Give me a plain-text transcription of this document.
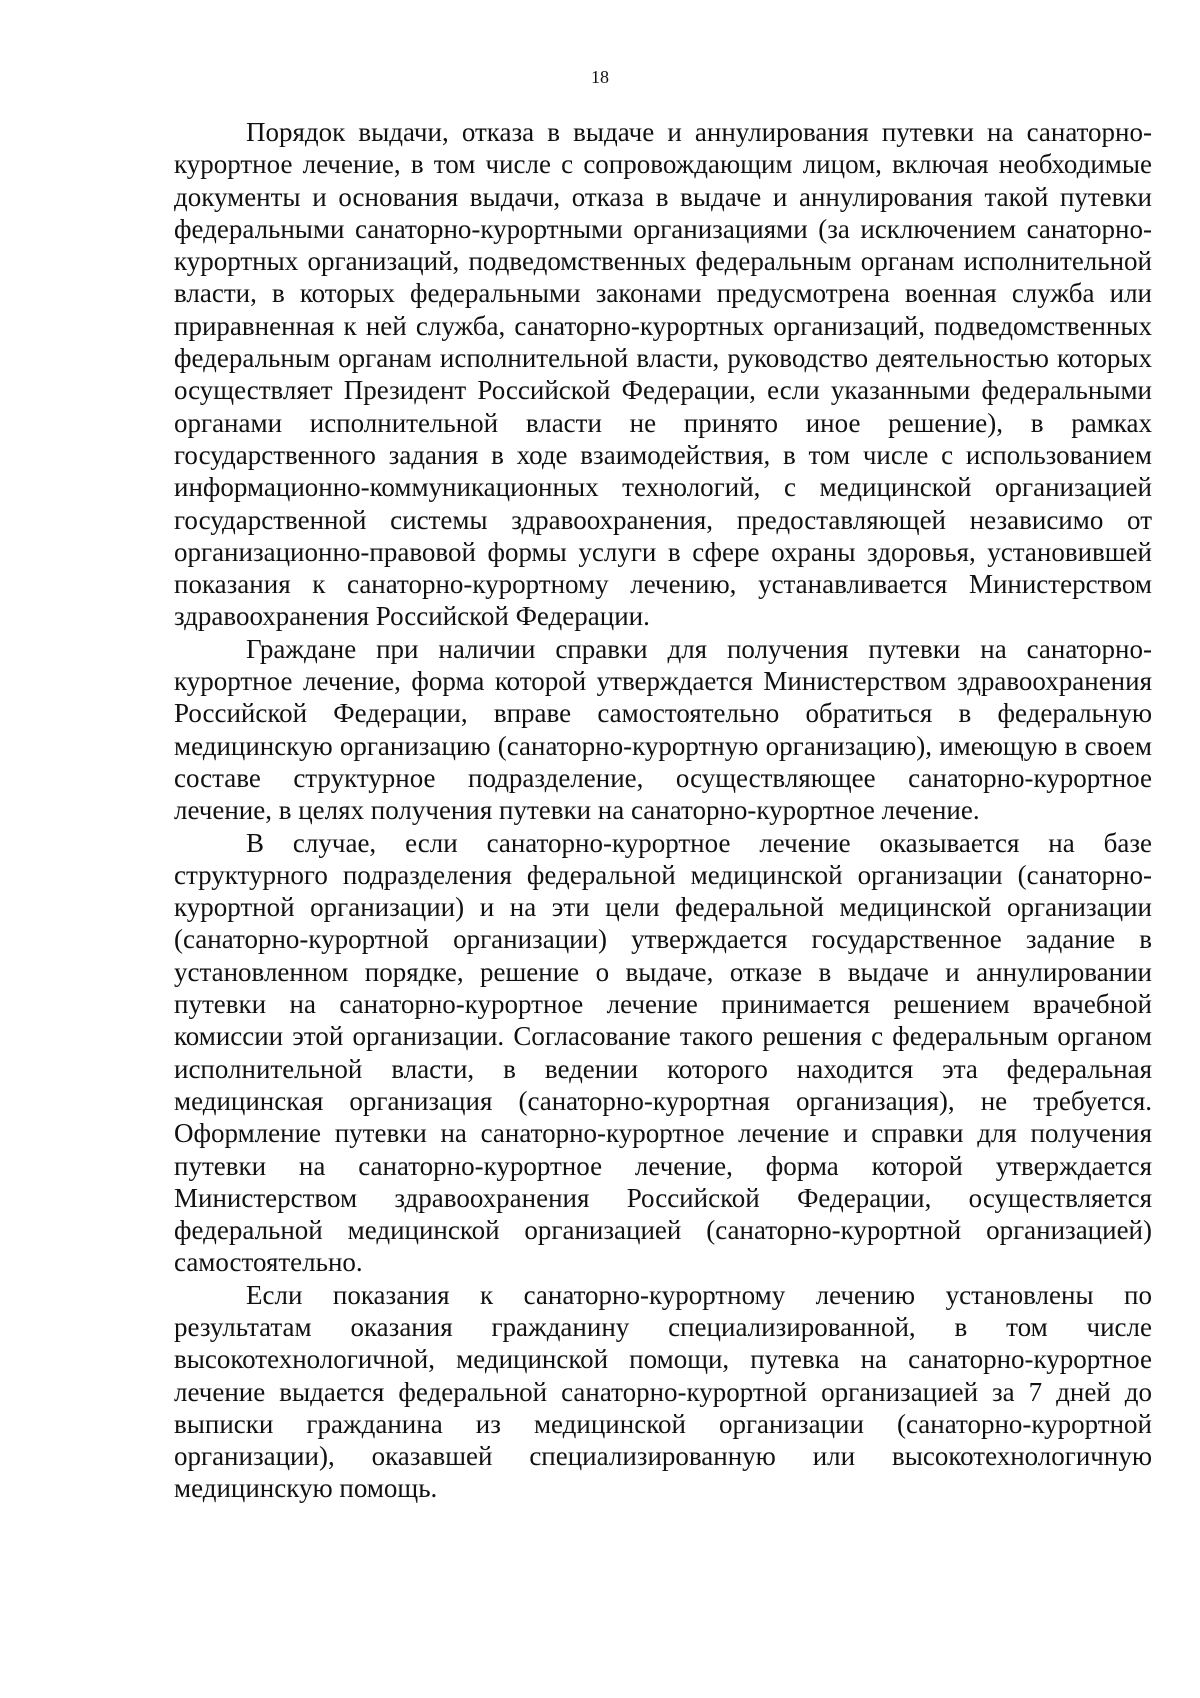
18

Порядок выдачи, отказа в выдаче и аннулирования путевки на санаторно-курортное лечение, в том числе с сопровождающим лицом, включая необходимые документы и основания выдачи, отказа в выдаче и аннулирования такой путевки федеральными санаторно-курортными организациями (за исключением санаторно-курортных организаций, подведомственных федеральным органам исполнительной власти, в которых федеральными законами предусмотрена военная служба или приравненная к ней служба, санаторно-курортных организаций, подведомственных федеральным органам исполнительной власти, руководство деятельностью которых осуществляет Президент Российской Федерации, если указанными федеральными органами исполнительной власти не принято иное решение), в рамках государственного задания в ходе взаимодействия, в том числе с использованием информационно-коммуникационных технологий, с медицинской организацией государственной системы здравоохранения, предоставляющей независимо от организационно-правовой формы услуги в сфере охраны здоровья, установившей показания к санаторно-курортному лечению, устанавливается Министерством здравоохранения Российской Федерации.

Граждане при наличии справки для получения путевки на санаторно-курортное лечение, форма которой утверждается Министерством здравоохранения Российской Федерации, вправе самостоятельно обратиться в федеральную медицинскую организацию (санаторно-курортную организацию), имеющую в своем составе структурное подразделение, осуществляющее санаторно-курортное лечение, в целях получения путевки на санаторно-курортное лечение.

В случае, если санаторно-курортное лечение оказывается на базе структурного подразделения федеральной медицинской организации (санаторно-курортной организации) и на эти цели федеральной медицинской организации (санаторно-курортной организации) утверждается государственное задание в установленном порядке, решение о выдаче, отказе в выдаче и аннулировании путевки на санаторно-курортное лечение принимается решением врачебной комиссии этой организации. Согласование такого решения с федеральным органом исполнительной власти, в ведении которого находится эта федеральная медицинская организация (санаторно-курортная организация), не требуется. Оформление путевки на санаторно-курортное лечение и справки для получения путевки на санаторно-курортное лечение, форма которой утверждается Министерством здравоохранения Российской Федерации, осуществляется федеральной медицинской организацией (санаторно-курортной организацией) самостоятельно.

Если показания к санаторно-курортному лечению установлены по результатам оказания гражданину специализированной, в том числе высокотехнологичной, медицинской помощи, путевка на санаторно-курортное лечение выдается федеральной санаторно-курортной организацией за 7 дней до выписки гражданина из медицинской организации (санаторно-курортной организации), оказавшей специализированную или высокотехнологичную медицинскую помощь.
